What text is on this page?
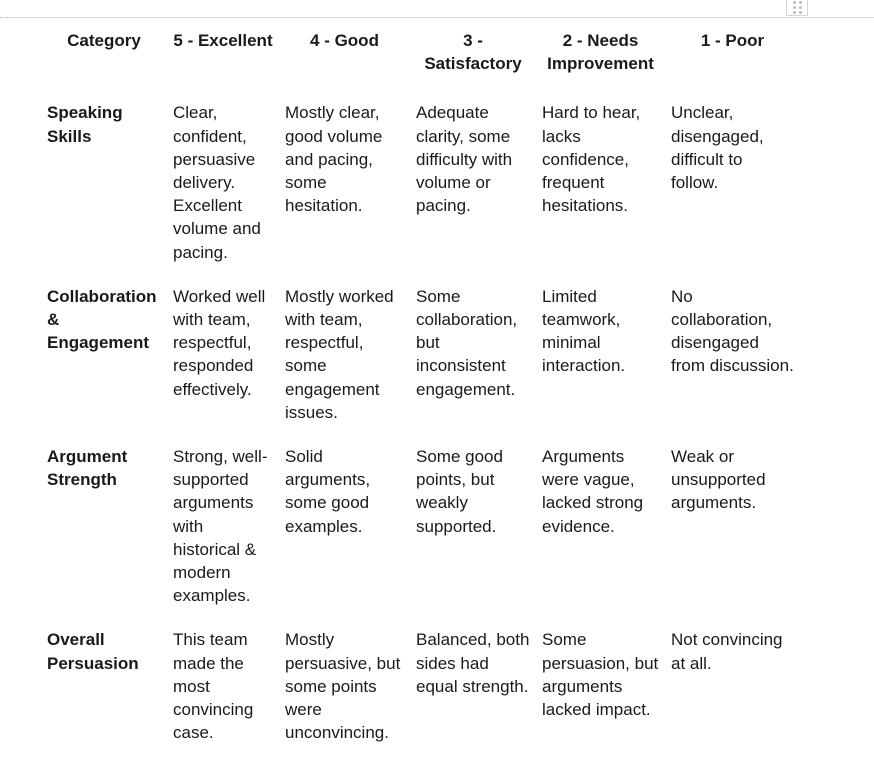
Category	5 - Excellent	4 - Good	3 - Satisfactory	2 - Needs Improvement	1 - Poor
Speaking Skills	Clear, confident, persuasive delivery. Excellent volume and pacing.	Mostly clear, good volume and pacing, some hesitation.	Adequate clarity, some difficulty with volume or pacing.	Hard to hear, lacks confidence, frequent hesitations.	Unclear, disengaged, difficult to follow.
Collaboration & Engagement	Worked well with team, respectful, responded effectively.	Mostly worked with team, respectful, some engagement issues.	Some collaboration, but inconsistent engagement.	Limited teamwork, minimal interaction.	No collaboration, disengaged from discussion.
Argument Strength	Strong, well-supported arguments with historical & modern examples.	Solid arguments, some good examples.	Some good points, but weakly supported.	Arguments were vague, lacked strong evidence.	Weak or unsupported arguments.
Overall Persuasion	This team made the most convincing case.	Mostly persuasive, but some points were unconvincing.	Balanced, both sides had equal strength.	Some persuasion, but arguments lacked impact.	Not convincing at all.
